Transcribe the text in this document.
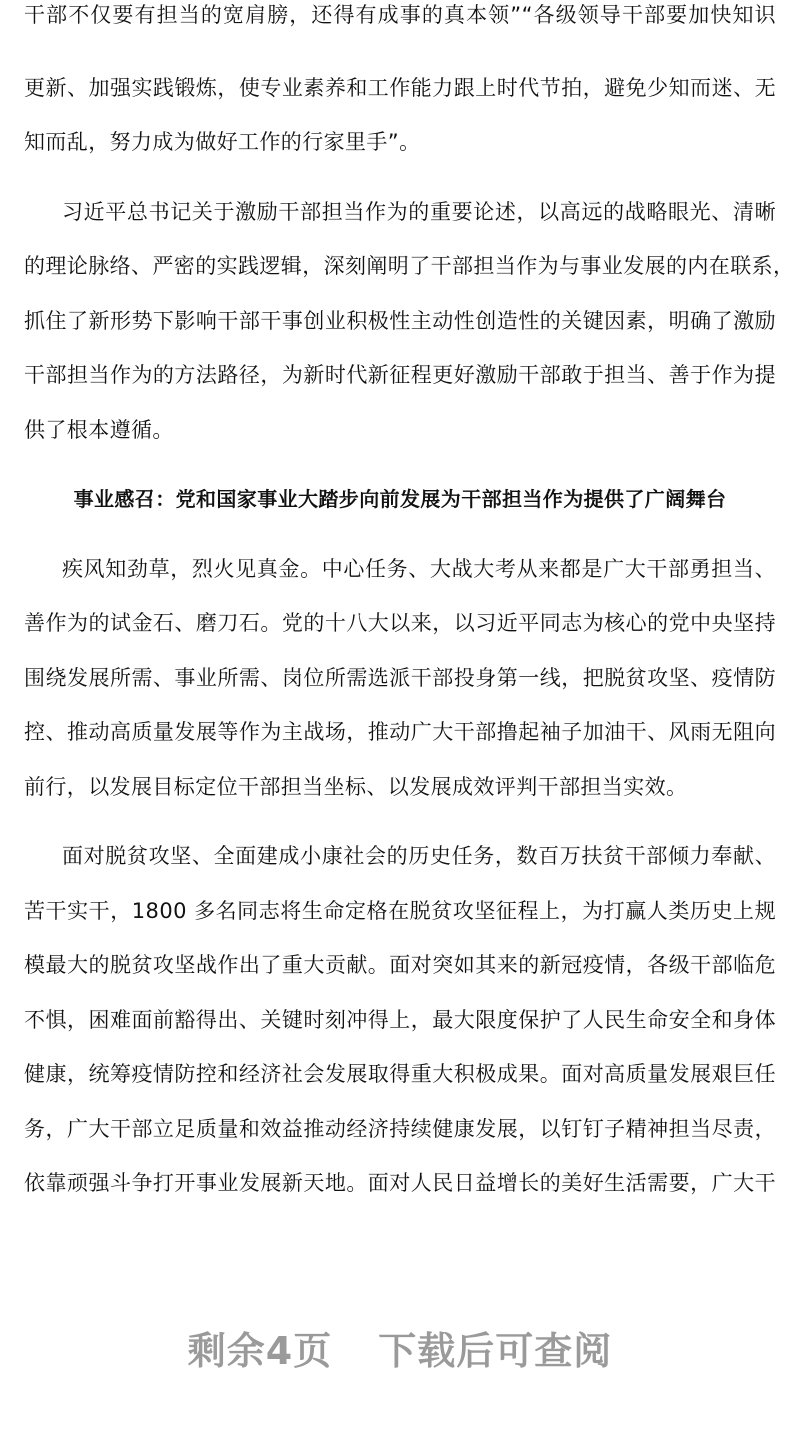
干部不仅要有担当的宽肩膀，还得有成事的真本领”“各级领导干部要加快知识
更新、加强实践锻炼，使专业素养和工作能力跟上时代节拍，避免少知而迷、无
知而乱，努力成为做好工作的行家里手”。
习近平总书记关于激励干部担当作为的重要论述，以高远的战略眼光、清晰
的理论脉络、严密的实践逻辑，深刻阐明了干部担当作为与事业发展的内在联系，
抓住了新形势下影响干部干事创业积极性主动性创造性的关键因素，明确了激励
干部担当作为的方法路径，为新时代新征程更好激励干部敢于担当、善于作为提
供了根本遵循。

事业感召：党和国家事业大踏步向前发展为干部担当作为提供了广阔舞台

疾风知劲草，烈火见真金。中心任务、大战大考从来都是广大干部勇担当、
善作为的试金石、磨刀石。党的十八大以来，以习近平同志为核心的党中央坚持
围绕发展所需、事业所需、岗位所需选派干部投身第一线，把脱贫攻坚、疫情防
控、推动高质量发展等作为主战场，推动广大干部撸起袖子加油干、风雨无阻向
前行，以发展目标定位干部担当坐标、以发展成效评判干部担当实效。
面对脱贫攻坚、全面建成小康社会的历史任务，数百万扶贫干部倾力奉献、
苦干实干，1800 多名同志将生命定格在脱贫攻坚征程上，为打赢人类历史上规
模最大的脱贫攻坚战作出了重大贡献。面对突如其来的新冠疫情，各级干部临危
不惧，困难面前豁得出、关键时刻冲得上，最大限度保护了人民生命安全和身体
健康，统筹疫情防控和经济社会发展取得重大积极成果。面对高质量发展艰巨任
务，广大干部立足质量和效益推动经济持续健康发展，以钉钉子精神担当尽责，
依靠顽强斗争打开事业发展新天地。面对人民日益增长的美好生活需要，广大干
剩余4页 下载后可查阅
